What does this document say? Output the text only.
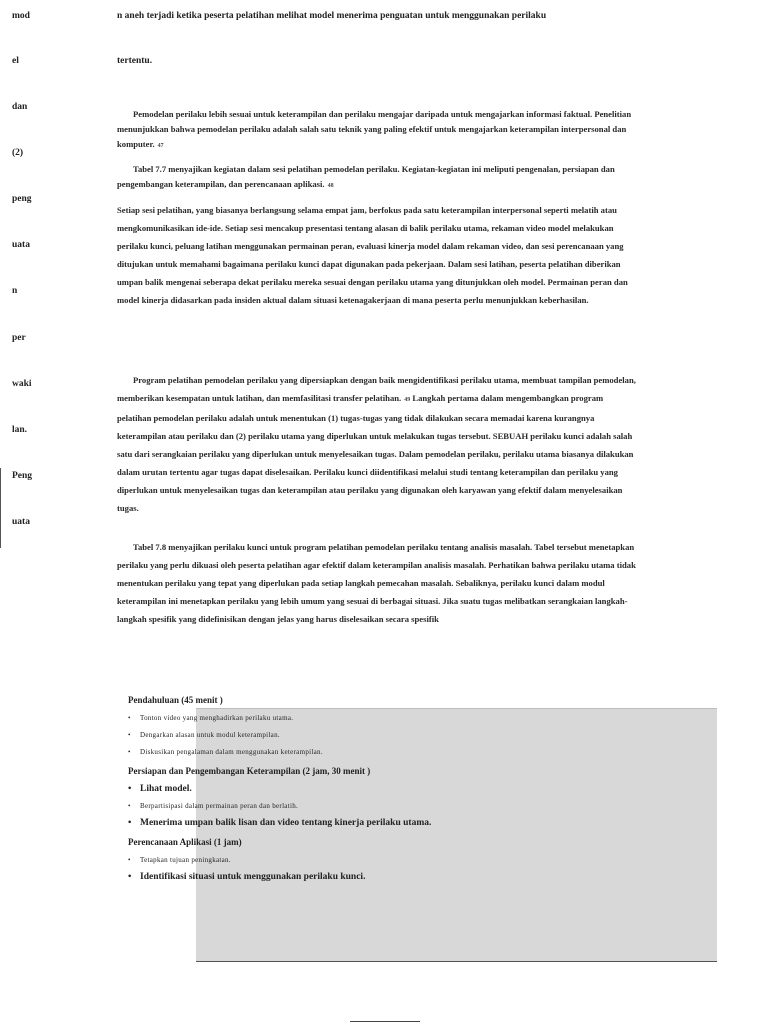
mod
el
dan
(2)
peng
uata
n
per
waki
lan.
Peng
uata
n aneh terjadi ketika peserta pelatihan melihat model menerima penguatan untuk menggunakan perilaku
tertentu.
Pemodelan perilaku lebih sesuai untuk keterampilan dan perilaku mengajar daripada untuk mengajarkan informasi faktual. Penelitian menunjukkan bahwa pemodelan perilaku adalah salah satu teknik yang paling efektif untuk mengajarkan keterampilan interpersonal dan komputer. 47
Tabel 7.7 menyajikan kegiatan dalam sesi pelatihan pemodelan perilaku. Kegiatan-kegiatan ini meliputi pengenalan, persiapan dan pengembangan keterampilan, dan perencanaan aplikasi. 48
Setiap sesi pelatihan, yang biasanya berlangsung selama empat jam, berfokus pada satu keterampilan interpersonal seperti melatih atau mengkomunikasikan ide-ide. Setiap sesi mencakup presentasi tentang alasan di balik perilaku utama, rekaman video model melakukan perilaku kunci, peluang latihan menggunakan permainan peran, evaluasi kinerja model dalam rekaman video, dan sesi perencanaan yang ditujukan untuk memahami bagaimana perilaku kunci dapat digunakan pada pekerjaan. Dalam sesi latihan, peserta pelatihan diberikan umpan balik mengenai seberapa dekat perilaku mereka sesuai dengan perilaku utama yang ditunjukkan oleh model. Permainan peran dan model kinerja didasarkan pada insiden aktual dalam situasi ketenagakerjaan di mana peserta perlu menunjukkan keberhasilan.
Program pelatihan pemodelan perilaku yang dipersiapkan dengan baik mengidentifikasi perilaku utama, membuat tampilan pemodelan, memberikan kesempatan untuk latihan, dan memfasilitasi transfer pelatihan. 49 Langkah pertama dalam mengembangkan program pelatihan pemodelan perilaku adalah untuk menentukan (1) tugas-tugas yang tidak dilakukan secara memadai karena kurangnya keterampilan atau perilaku dan (2) perilaku utama yang diperlukan untuk melakukan tugas tersebut. SEBUAH perilaku kunci adalah salah satu dari serangkaian perilaku yang diperlukan untuk menyelesaikan tugas. Dalam pemodelan perilaku, perilaku utama biasanya dilakukan dalam urutan tertentu agar tugas dapat diselesaikan. Perilaku kunci diidentifikasi melalui studi tentang keterampilan dan perilaku yang diperlukan untuk menyelesaikan tugas dan keterampilan atau perilaku yang digunakan oleh karyawan yang efektif dalam menyelesaikan tugas.
Tabel 7.8 menyajikan perilaku kunci untuk program pelatihan pemodelan perilaku tentang analisis masalah. Tabel tersebut menetapkan perilaku yang perlu dikuasi oleh peserta pelatihan agar efektif dalam keterampilan analisis masalah. Perhatikan bahwa perilaku utama tidak menentukan perilaku yang tepat yang diperlukan pada setiap langkah pemecahan masalah. Sebaliknya, perilaku kunci dalam modul keterampilan ini menetapkan perilaku yang lebih umum yang sesuai di berbagai situasi. Jika suatu tugas melibatkan serangkaian langkah-langkah spesifik yang didefinisikan dengan jelas yang harus diselesaikan secara spesifik

Pendahuluan (45 menit )

• Tonton video yang menghadirkan perilaku utama.
• Dengarkan alasan untuk modul keterampilan.
• Diskusikan pengalaman dalam menggunakan keterampilan.

Persiapan dan Pengembangan Keterampilan (2 jam, 30 menit )

• Lihat model.
• Berpartisipasi dalam permainan peran dan berlatih.
• Menerima umpan balik lisan dan video tentang kinerja perilaku utama.

Perencanaan Aplikasi (1 jam)

• Tetapkan tujuan peningkatan.
• Identifikasi situasi untuk menggunakan perilaku kunci.
